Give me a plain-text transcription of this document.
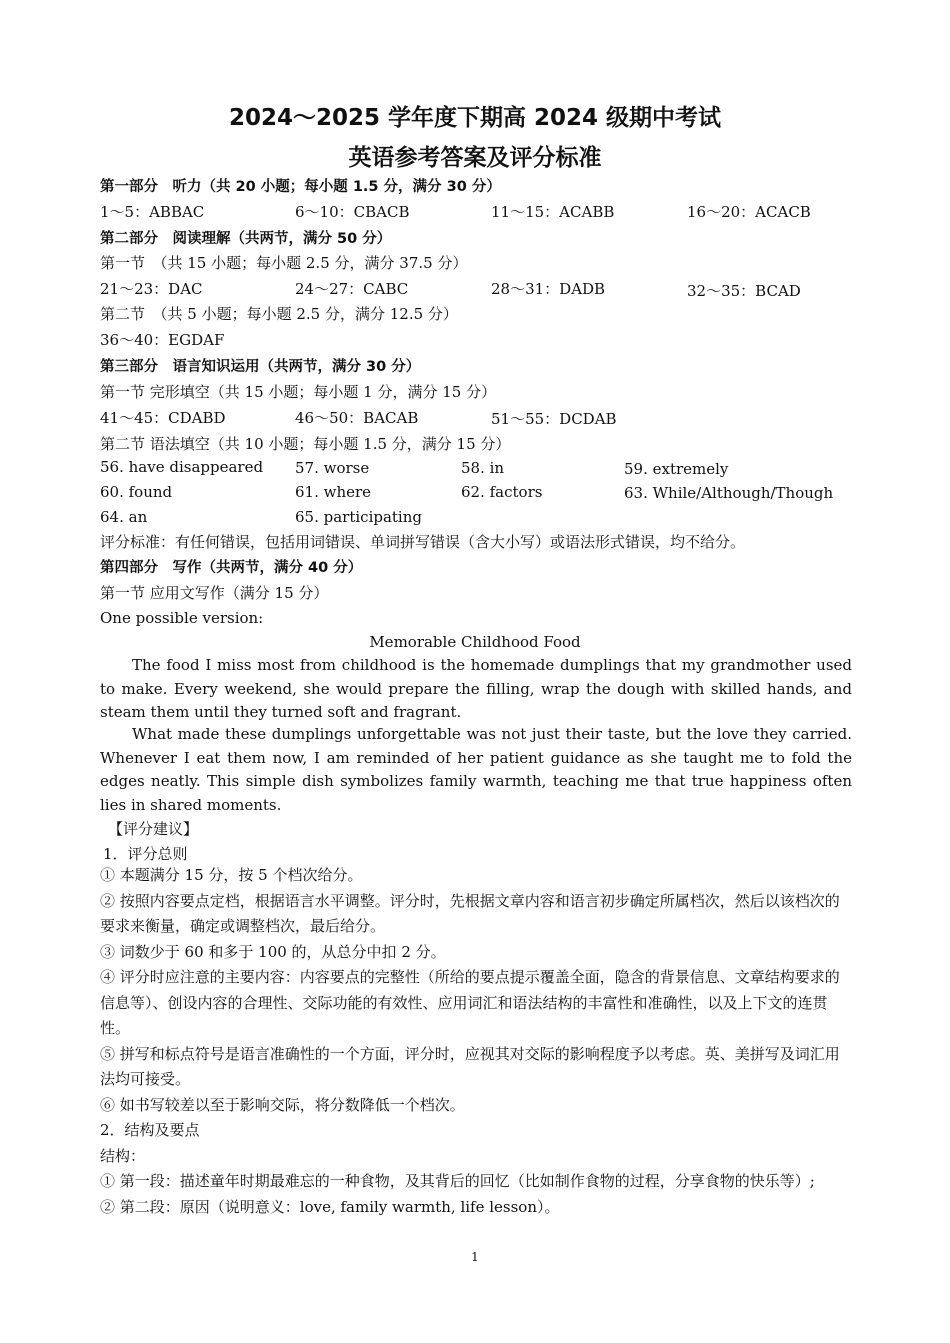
2024～2025 学年度下期高 2024 级期中考试
英语参考答案及评分标准
第一部分　听力（共 20 小题；每小题 1.5 分，满分 30 分）
1～5：ABBAC	6～10：CBACB	11～15：ACABB	16～20：ACACB
第二部分　阅读理解（共两节，满分 50 分）
第一节　（共 15 小题；每小题 2.5 分，满分 37.5 分）
21～23：DAC	24～27：CABC	28～31：DADB	32～35：BCAD
第二节　（共 5 小题；每小题 2.5 分，满分 12.5 分）
36～40：EGDAF
第三部分　语言知识运用（共两节，满分 30 分）
第一节 完形填空（共 15 小题；每小题 1 分，满分 15 分）
41～45：CDABD	46～50：BACAB	51～55：DCDAB
第二节 语法填空（共 10 小题；每小题 1.5 分，满分 15 分）
56. have disappeared 57. worse	58. in	59. extremely
60. found	61. where	62. factors	63. While/Although/Though
64. an	65. participating
评分标准：有任何错误，包括用词错误、单词拼写错误（含大小写）或语法形式错误，均不给分。
第四部分　写作（共两节，满分 40 分）
第一节 应用文写作（满分 15 分）
One possible version:
Memorable Childhood Food

The food I miss most from childhood is the homemade dumplings that my grandmother used to make. Every weekend, she would prepare the filling, wrap the dough with skilled hands, and steam them until they turned soft and fragrant.

What made these dumplings unforgettable was not just their taste, but the love they carried. Whenever I eat them now, I am reminded of her patient guidance as she taught me to fold the edges neatly. This simple dish symbolizes family warmth, teaching me that true happiness often lies in shared moments.

【评分建议】
1．评分总则
① 本题满分 15 分，按 5 个档次给分。
② 按照内容要点定档，根据语言水平调整。评分时，先根据文章内容和语言初步确定所属档次，然后以该档次的要求来衡量，确定或调整档次，最后给分。
③ 词数少于 60 和多于 100 的，从总分中扣 2 分。
④ 评分时应注意的主要内容：内容要点的完整性（所给的要点提示覆盖全面，隐含的背景信息、文章结构要求的信息等）、创设内容的合理性、交际功能的有效性、应用词汇和语法结构的丰富性和准确性，以及上下文的连贯性。
⑤ 拼写和标点符号是语言准确性的一个方面，评分时，应视其对交际的影响程度予以考虑。英、美拼写及词汇用法均可接受。
⑥ 如书写较差以至于影响交际，将分数降低一个档次。
2．结构及要点
结构：
① 第一段：描述童年时期最难忘的一种食物，及其背后的回忆（比如制作食物的过程，分享食物的快乐等）;
② 第二段：原因（说明意义：love, family warmth, life lesson）。
1
